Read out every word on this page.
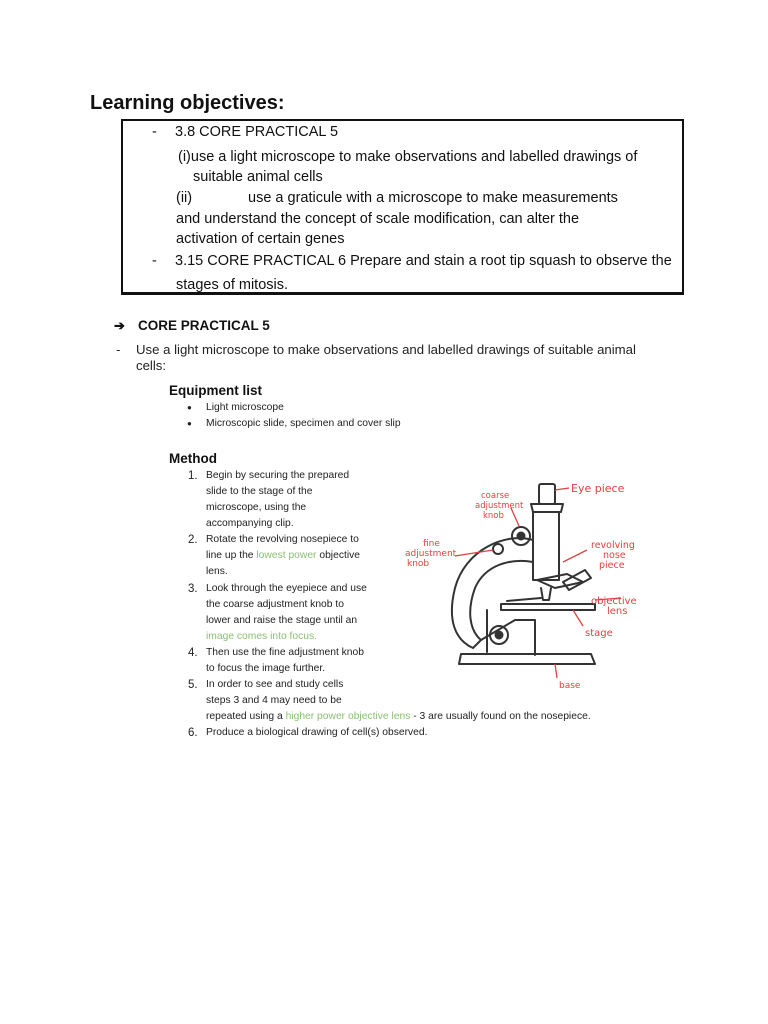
Learning objectives:
- 3.8 CORE PRACTICAL 5
(i)use a light microscope to make observations and labelled drawings of
suitable animal cells
(ii)	use a graticule with a microscope to make measurements
and understand the concept of scale modification, can alter the
activation of certain genes
- 3.15 CORE PRACTICAL 6 Prepare and stain a root tip squash to observe the
stages of mitosis.
➔ CORE PRACTICAL 5
- Use a light microscope to make observations and labelled drawings of suitable animal
cells:
Equipment list
● Light microscope
● Microscopic slide, specimen and cover slip
Method
1. Begin by securing the prepared
slide to the stage of the
microscope, using the
accompanying clip.
2. Rotate the revolving nosepiece to
line up the lowest power objective
lens.
3. Look through the eyepiece and use
the coarse adjustment knob to
lower and raise the stage until an
image comes into focus.
4. Then use the fine adjustment knob
to focus the image further.
5. In order to see and study cells
steps 3 and 4 may need to be
repeated using a higher power objective lens - 3 are usually found on the nosepiece.
6. Produce a biological drawing of cell(s) observed.
Eye piece
coarse
adjustment
knob
fine
adjustment
knob
revolving
nose
piece
objective
lens
stage
base
